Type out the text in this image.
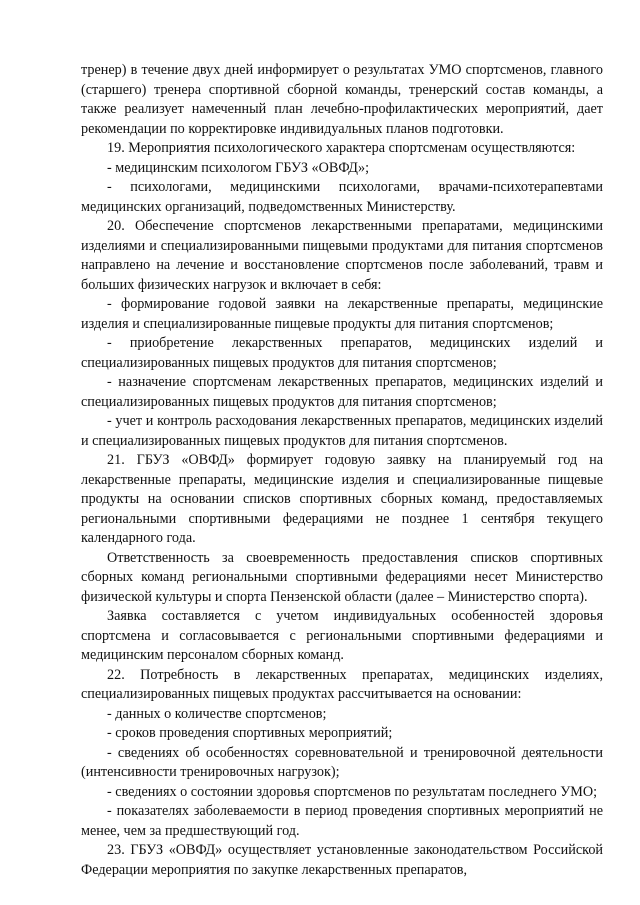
тренер) в течение двух дней информирует о результатах УМО спортсменов, главного (старшего) тренера спортивной сборной команды, тренерский состав команды, а также реализует намеченный план лечебно-профилактических мероприятий, дает рекомендации по корректировке индивидуальных планов подготовки.

19. Мероприятия психологического характера спортсменам осуществляются:

- медицинским психологом ГБУЗ «ОВФД»;

- психологами, медицинскими психологами, врачами-психотерапевтами медицинских организаций, подведомственных Министерству.

20. Обеспечение спортсменов лекарственными препаратами, медицинскими изделиями и специализированными пищевыми продуктами для питания спортсменов направлено на лечение и восстановление спортсменов после заболеваний, травм и больших физических нагрузок и включает в себя:

- формирование годовой заявки на лекарственные препараты, медицинские изделия и специализированные пищевые продукты для питания спортсменов;

- приобретение лекарственных препаратов, медицинских изделий и специализированных пищевых продуктов для питания спортсменов;

- назначение спортсменам лекарственных препаратов, медицинских изделий и специализированных пищевых продуктов для питания спортсменов;

- учет и контроль расходования лекарственных препаратов, медицинских изделий и специализированных пищевых продуктов для питания спортсменов.

21. ГБУЗ «ОВФД» формирует годовую заявку на планируемый год на лекарственные препараты, медицинские изделия и специализированные пищевые продукты на основании списков спортивных сборных команд, предоставляемых региональными спортивными федерациями не позднее 1 сентября текущего календарного года.

Ответственность за своевременность предоставления списков спортивных сборных команд региональными спортивными федерациями несет Министерство физической культуры и спорта Пензенской области (далее – Министерство спорта).

Заявка составляется с учетом индивидуальных особенностей здоровья спортсмена и согласовывается с региональными спортивными федерациями и медицинским персоналом сборных команд.

22. Потребность в лекарственных препаратах, медицинских изделиях, специализированных пищевых продуктах рассчитывается на основании:

- данных о количестве спортсменов;

- сроков проведения спортивных мероприятий;

- сведениях об особенностях соревновательной и тренировочной деятельности (интенсивности тренировочных нагрузок);

- сведениях о состоянии здоровья спортсменов по результатам последнего УМО;

- показателях заболеваемости в период проведения спортивных мероприятий не менее, чем за предшествующий год.

23. ГБУЗ «ОВФД» осуществляет установленные законодательством Российской Федерации мероприятия по закупке лекарственных препаратов,
